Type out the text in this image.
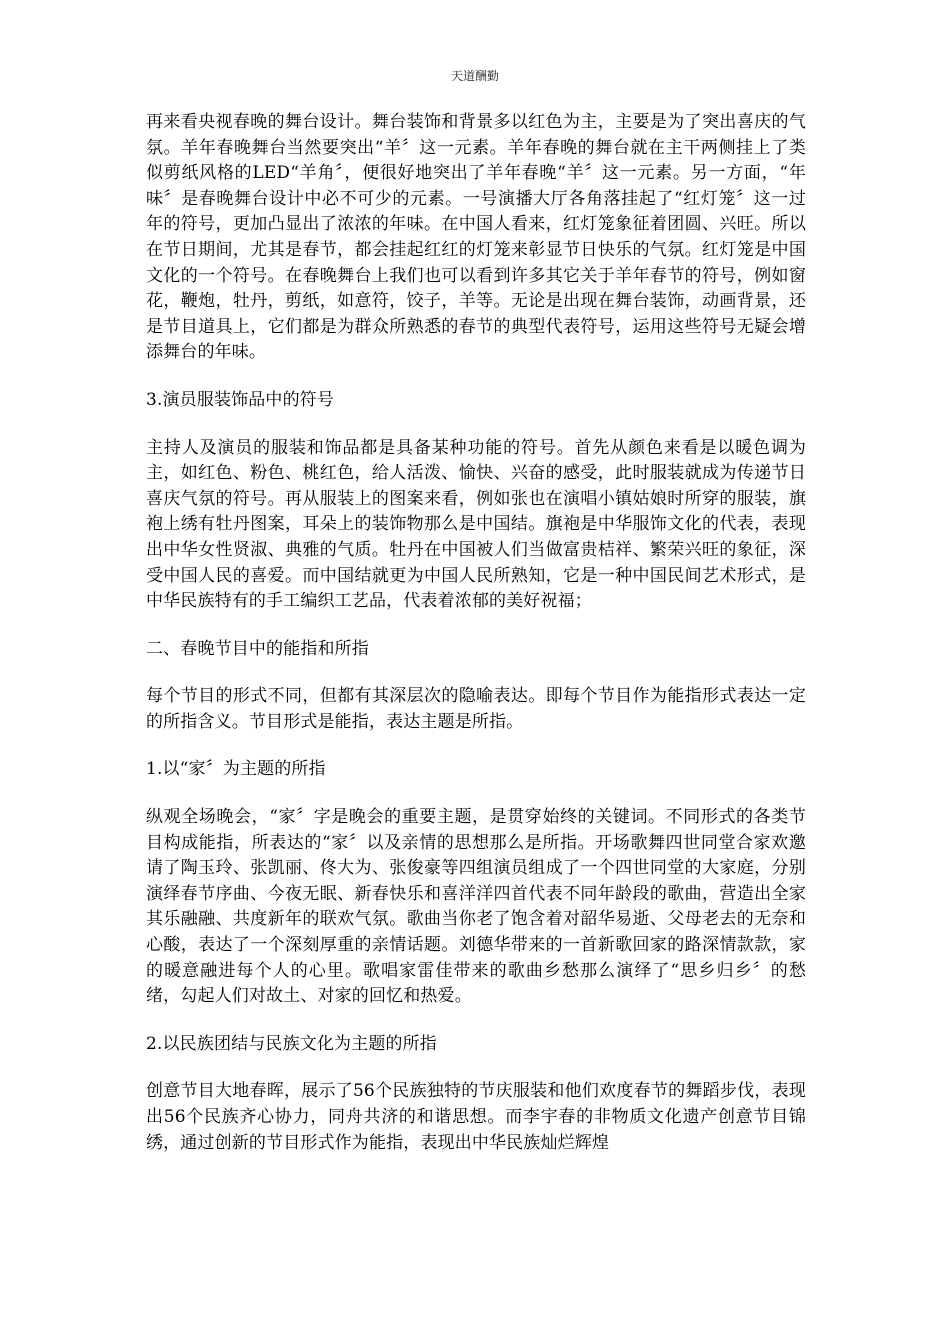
天道酬勤

再来看央视春晚的舞台设计。舞台装饰和背景多以红色为主，主要是为了突出喜庆的气氛。羊年春晚舞台当然要突出“羊〞这一元素。羊年春晚的舞台就在主干两侧挂上了类似剪纸风格的LED“羊角〞，便很好地突出了羊年春晚“羊〞这一元素。另一方面，“年味〞是春晚舞台设计中必不可少的元素。一号演播大厅各角落挂起了“红灯笼〞这一过年的符号，更加凸显出了浓浓的年味。在中国人看来，红灯笼象征着团圆、兴旺。所以在节日期间，尤其是春节，都会挂起红红的灯笼来彰显节日快乐的气氛。红灯笼是中国文化的一个符号。在春晚舞台上我们也可以看到许多其它关于羊年春节的符号，例如窗花，鞭炮，牡丹，剪纸，如意符，饺子，羊等。无论是出现在舞台装饰，动画背景，还是节目道具上，它们都是为群众所熟悉的春节的典型代表符号，运用这些符号无疑会增添舞台的年味。

3.演员服装饰品中的符号

主持人及演员的服装和饰品都是具备某种功能的符号。首先从颜色来看是以暖色调为主，如红色、粉色、桃红色，给人活泼、愉快、兴奋的感受，此时服装就成为传递节日喜庆气氛的符号。再从服装上的图案来看，例如张也在演唱小镇姑娘时所穿的服装，旗袍上绣有牡丹图案，耳朵上的装饰物那么是中国结。旗袍是中华服饰文化的代表，表现出中华女性贤淑、典雅的气质。牡丹在中国被人们当做富贵桔祥、繁荣兴旺的象征，深受中国人民的喜爱。而中国结就更为中国人民所熟知，它是一种中国民间艺术形式，是中华民族特有的手工编织工艺品，代表着浓郁的美好祝福；

二、春晚节目中的能指和所指

每个节目的形式不同，但都有其深层次的隐喻表达。即每个节目作为能指形式表达一定的所指含义。节目形式是能指，表达主题是所指。

1.以“家〞为主题的所指

纵观全场晚会，“家〞字是晚会的重要主题，是贯穿始终的关键词。不同形式的各类节目构成能指，所表达的“家〞以及亲情的思想那么是所指。开场歌舞四世同堂合家欢邀请了陶玉玲、张凯丽、佟大为、张俊豪等四组演员组成了一个四世同堂的大家庭，分别演绎春节序曲、今夜无眠、新春快乐和喜洋洋四首代表不同年龄段的歌曲，营造出全家其乐融融、共度新年的联欢气氛。歌曲当你老了饱含着对韶华易逝、父母老去的无奈和心酸，表达了一个深刻厚重的亲情话题。刘德华带来的一首新歌回家的路深情款款，家的暖意融进每个人的心里。歌唱家雷佳带来的歌曲乡愁那么演绎了“思乡归乡〞的愁绪，勾起人们对故土、对家的回忆和热爱。

2.以民族团结与民族文化为主题的所指

创意节目大地春晖，展示了56个民族独特的节庆服装和他们欢度春节的舞蹈步伐，表现出56个民族齐心协力，同舟共济的和谐思想。而李宇春的非物质文化遗产创意节目锦绣，通过创新的节目形式作为能指，表现出中华民族灿烂辉煌
